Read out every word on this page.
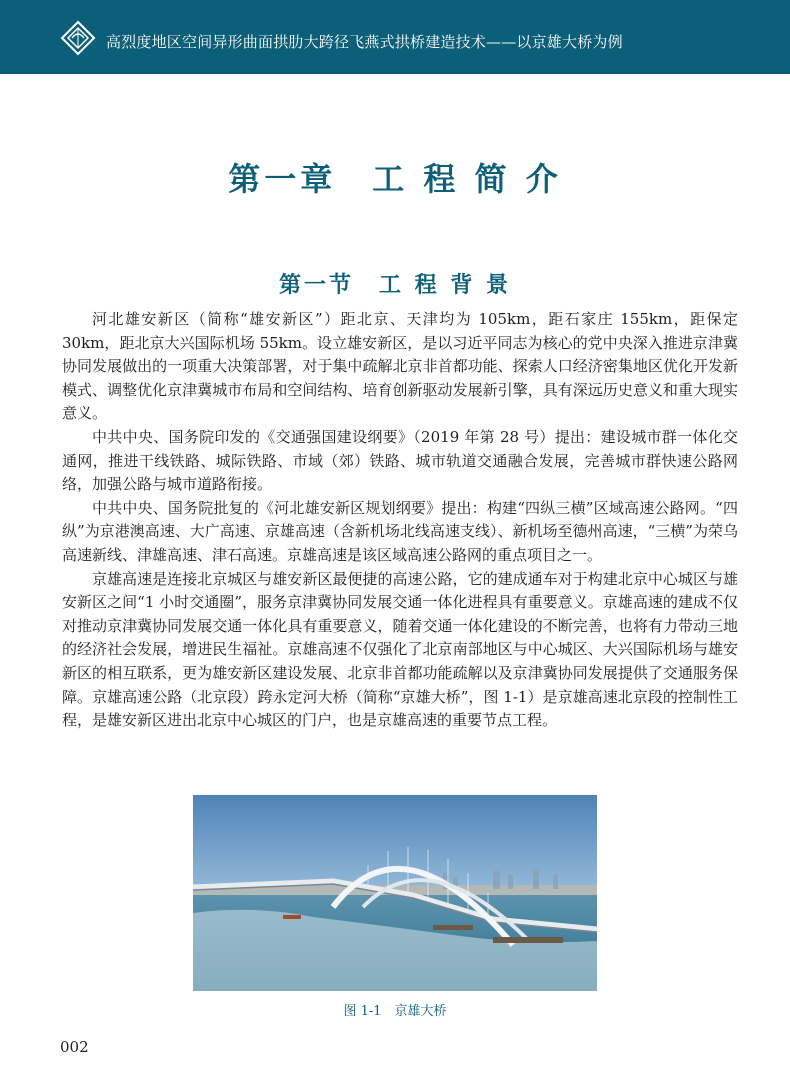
高烈度地区空间异形曲面拱肋大跨径飞燕式拱桥建造技术——以京雄大桥为例
第一章　工 程 简 介
第一节　工 程 背 景

河北雄安新区（简称“雄安新区”）距北京、天津均为 105km，距石家庄 155km，距保定 30km，距北京大兴国际机场 55km。设立雄安新区，是以习近平同志为核心的党中央深入推进京津冀协同发展做出的一项重大决策部署，对于集中疏解北京非首都功能、探索人口经济密集地区优化开发新模式、调整优化京津冀城市布局和空间结构、培育创新驱动发展新引擎，具有深远历史意义和重大现实意义。

中共中央、国务院印发的《交通强国建设纲要》（2019 年第 28 号）提出：建设城市群一体化交通网，推进干线铁路、城际铁路、市域（郊）铁路、城市轨道交通融合发展，完善城市群快速公路网络，加强公路与城市道路衔接。

中共中央、国务院批复的《河北雄安新区规划纲要》提出：构建“四纵三横”区域高速公路网。“四纵”为京港澳高速、大广高速、京雄高速（含新机场北线高速支线）、新机场至德州高速，“三横”为荣乌高速新线、津雄高速、津石高速。京雄高速是该区域高速公路网的重点项目之一。

京雄高速是连接北京城区与雄安新区最便捷的高速公路，它的建成通车对于构建北京中心城区与雄安新区之间“1 小时交通圈”，服务京津冀协同发展交通一体化进程具有重要意义。京雄高速的建成不仅对推动京津冀协同发展交通一体化具有重要意义，随着交通一体化建设的不断完善，也将有力带动三地的经济社会发展，增进民生福祉。京雄高速不仅强化了北京南部地区与中心城区、大兴国际机场与雄安新区的相互联系，更为雄安新区建设发展、北京非首都功能疏解以及京津冀协同发展提供了交通服务保障。京雄高速公路（北京段）跨永定河大桥（简称“京雄大桥”，图 1-1）是京雄高速北京段的控制性工程，是雄安新区进出北京中心城区的门户，也是京雄高速的重要节点工程。

图 1-1　京雄大桥
002
